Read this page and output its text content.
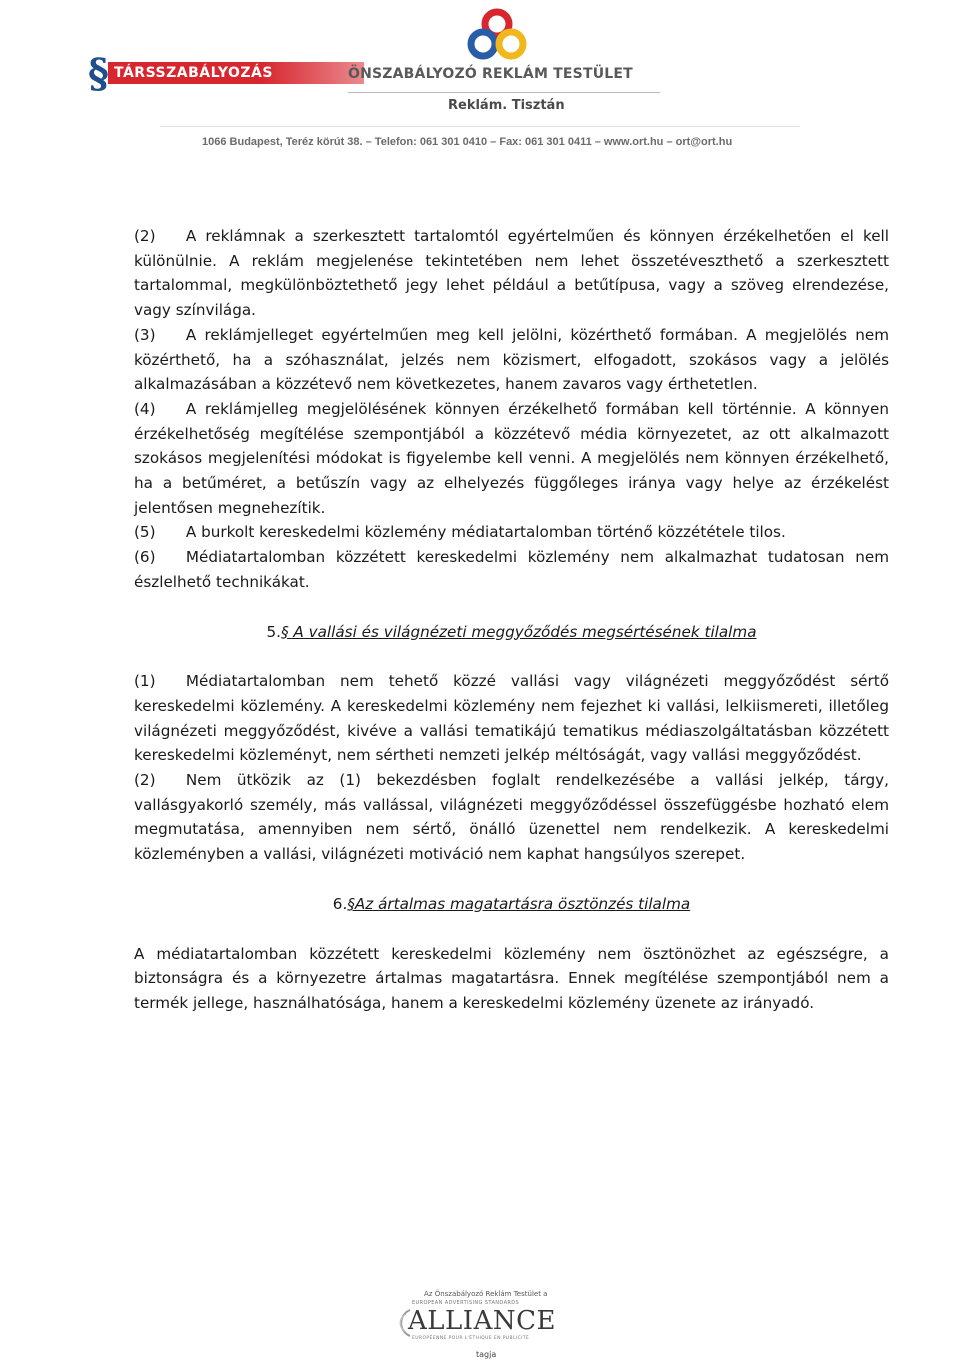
§ TÁRSSZABÁLYOZÁS	ÖNSZABÁLYOZÓ REKLÁM TESTÜLET
Reklám. Tisztán
1066 Budapest, Teréz körút 38. – Telefon: 061 301 0410 – Fax: 061 301 0411 – www.ort.hu – ort@ort.hu

(2)  A reklámnak a szerkesztett tartalomtól egyértelműen és könnyen érzékelhetően el kell különülnie. A reklám megjelenése tekintetében nem lehet összetéveszthető a szerkesztett tartalommal, megkülönböztethető jegy lehet például a betűtípusa, vagy a szöveg elrendezése, vagy színvilága.

(3)  A reklámjelleget egyértelműen meg kell jelölni, közérthető formában. A megjelölés nem közérthető, ha a szóhasználat, jelzés nem közismert, elfogadott, szokásos vagy a jelölés alkalmazásában a közzétevő nem következetes, hanem zavaros vagy érthetetlen.

(4)  A reklámjelleg megjelölésének könnyen érzékelhető formában kell történnie. A könnyen érzékelhetőség megítélése szempontjából a közzétevő média környezetet, az ott alkalmazott szokásos megjelenítési módokat is figyelembe kell venni. A megjelölés nem könnyen érzékelhető, ha a betűméret, a betűszín vagy az elhelyezés függőleges iránya vagy helye az érzékelést jelentősen megnehezítik.

(5)  A burkolt kereskedelmi közlemény médiatartalomban történő közzététele tilos.

(6)  Médiatartalomban közzétett kereskedelmi közlemény nem alkalmazhat tudatosan nem észlelhető technikákat.

5.§ A vallási és világnézeti meggyőződés megsértésének tilalma

(1)  Médiatartalomban nem tehető közzé vallási vagy világnézeti meggyőződést sértő kereskedelmi közlemény. A kereskedelmi közlemény nem fejezhet ki vallási, lelkiismereti, illetőleg világnézeti meggyőződést, kivéve a vallási tematikájú tematikus médiaszolgáltatásban közzétett kereskedelmi közleményt, nem sértheti nemzeti jelkép méltóságát, vagy vallási meggyőződést.

(2)  Nem ütközik az (1) bekezdésben foglalt rendelkezésébe a vallási jelkép, tárgy, vallásgyakorló személy, más vallással, világnézeti meggyőződéssel összefüggésbe hozható elem megmutatása, amennyiben nem sértő, önálló üzenettel nem rendelkezik. A kereskedelmi közleményben a vallási, világnézeti motiváció nem kaphat hangsúlyos szerepet.

6.§Az ártalmas magatartásra ösztönzés tilalma

A médiatartalomban közzétett kereskedelmi közlemény nem ösztönözhet az egészségre, a biztonságra és a környezetre ártalmas magatartásra. Ennek megítélése szempontjából nem a termék jellege, használhatósága, hanem a kereskedelmi közlemény üzenete az irányadó.

Az Önszabályozó Reklám Testület a
EUROPEAN ADVERTISING STANDARDS
ALLIANCE
EUROPÉENNE POUR L'ÉTHIQUE EN PUBLICITÉ
tagja
